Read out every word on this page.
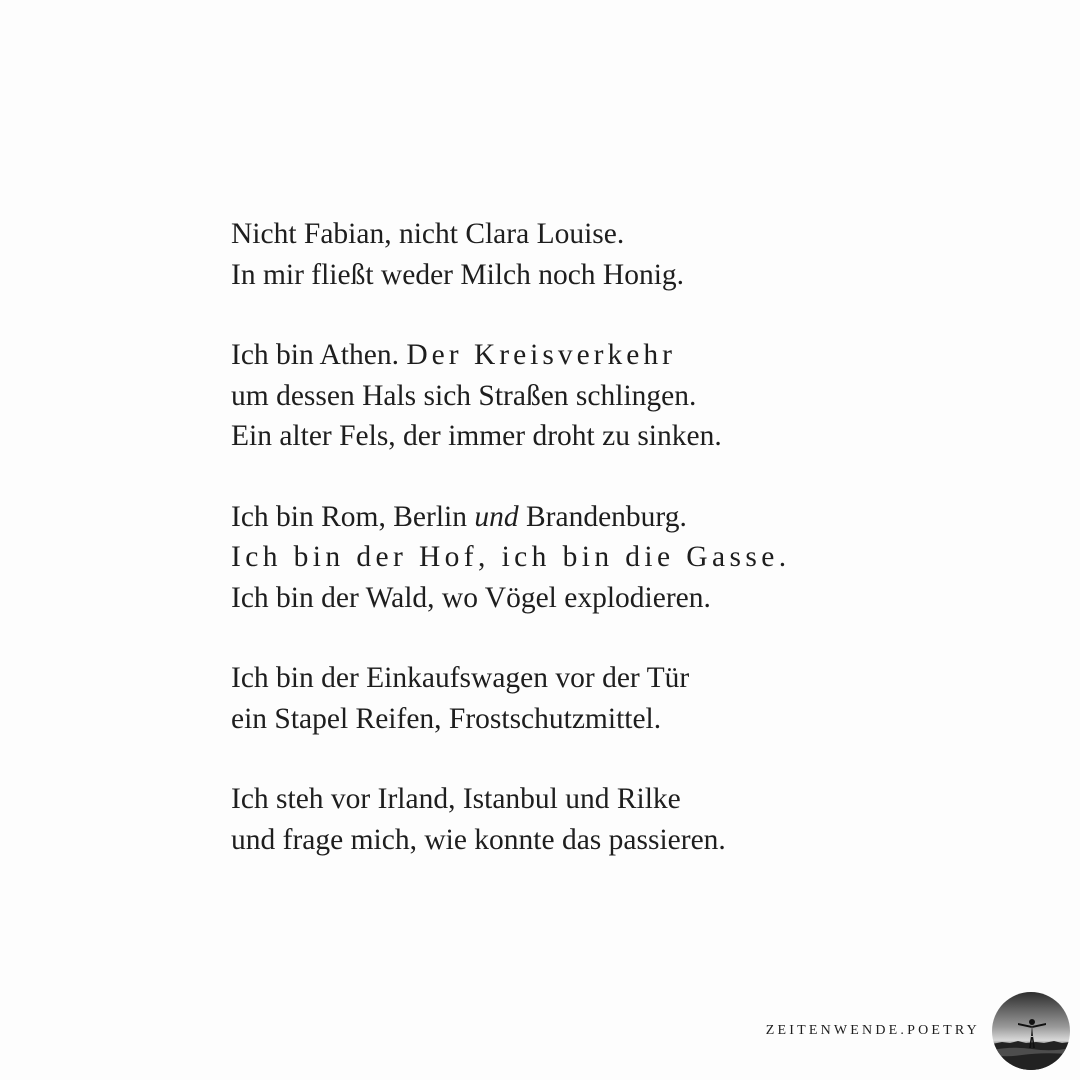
Nicht Fabian, nicht Clara Louise.
In mir fließt weder Milch noch Honig.
Ich bin Athen. Der Kreisverkehr
um dessen Hals sich Straßen schlingen.
Ein alter Fels, der immer droht zu sinken.
Ich bin Rom, Berlin und Brandenburg.
Ich bin der Hof, ich bin die Gasse.
Ich bin der Wald, wo Vögel explodieren.
Ich bin der Einkaufswagen vor der Tür
ein Stapel Reifen, Frostschutzmittel.
Ich steh vor Irland, Istanbul und Rilke
und frage mich, wie konnte das passieren.
ZEITENWENDE.POETRY
